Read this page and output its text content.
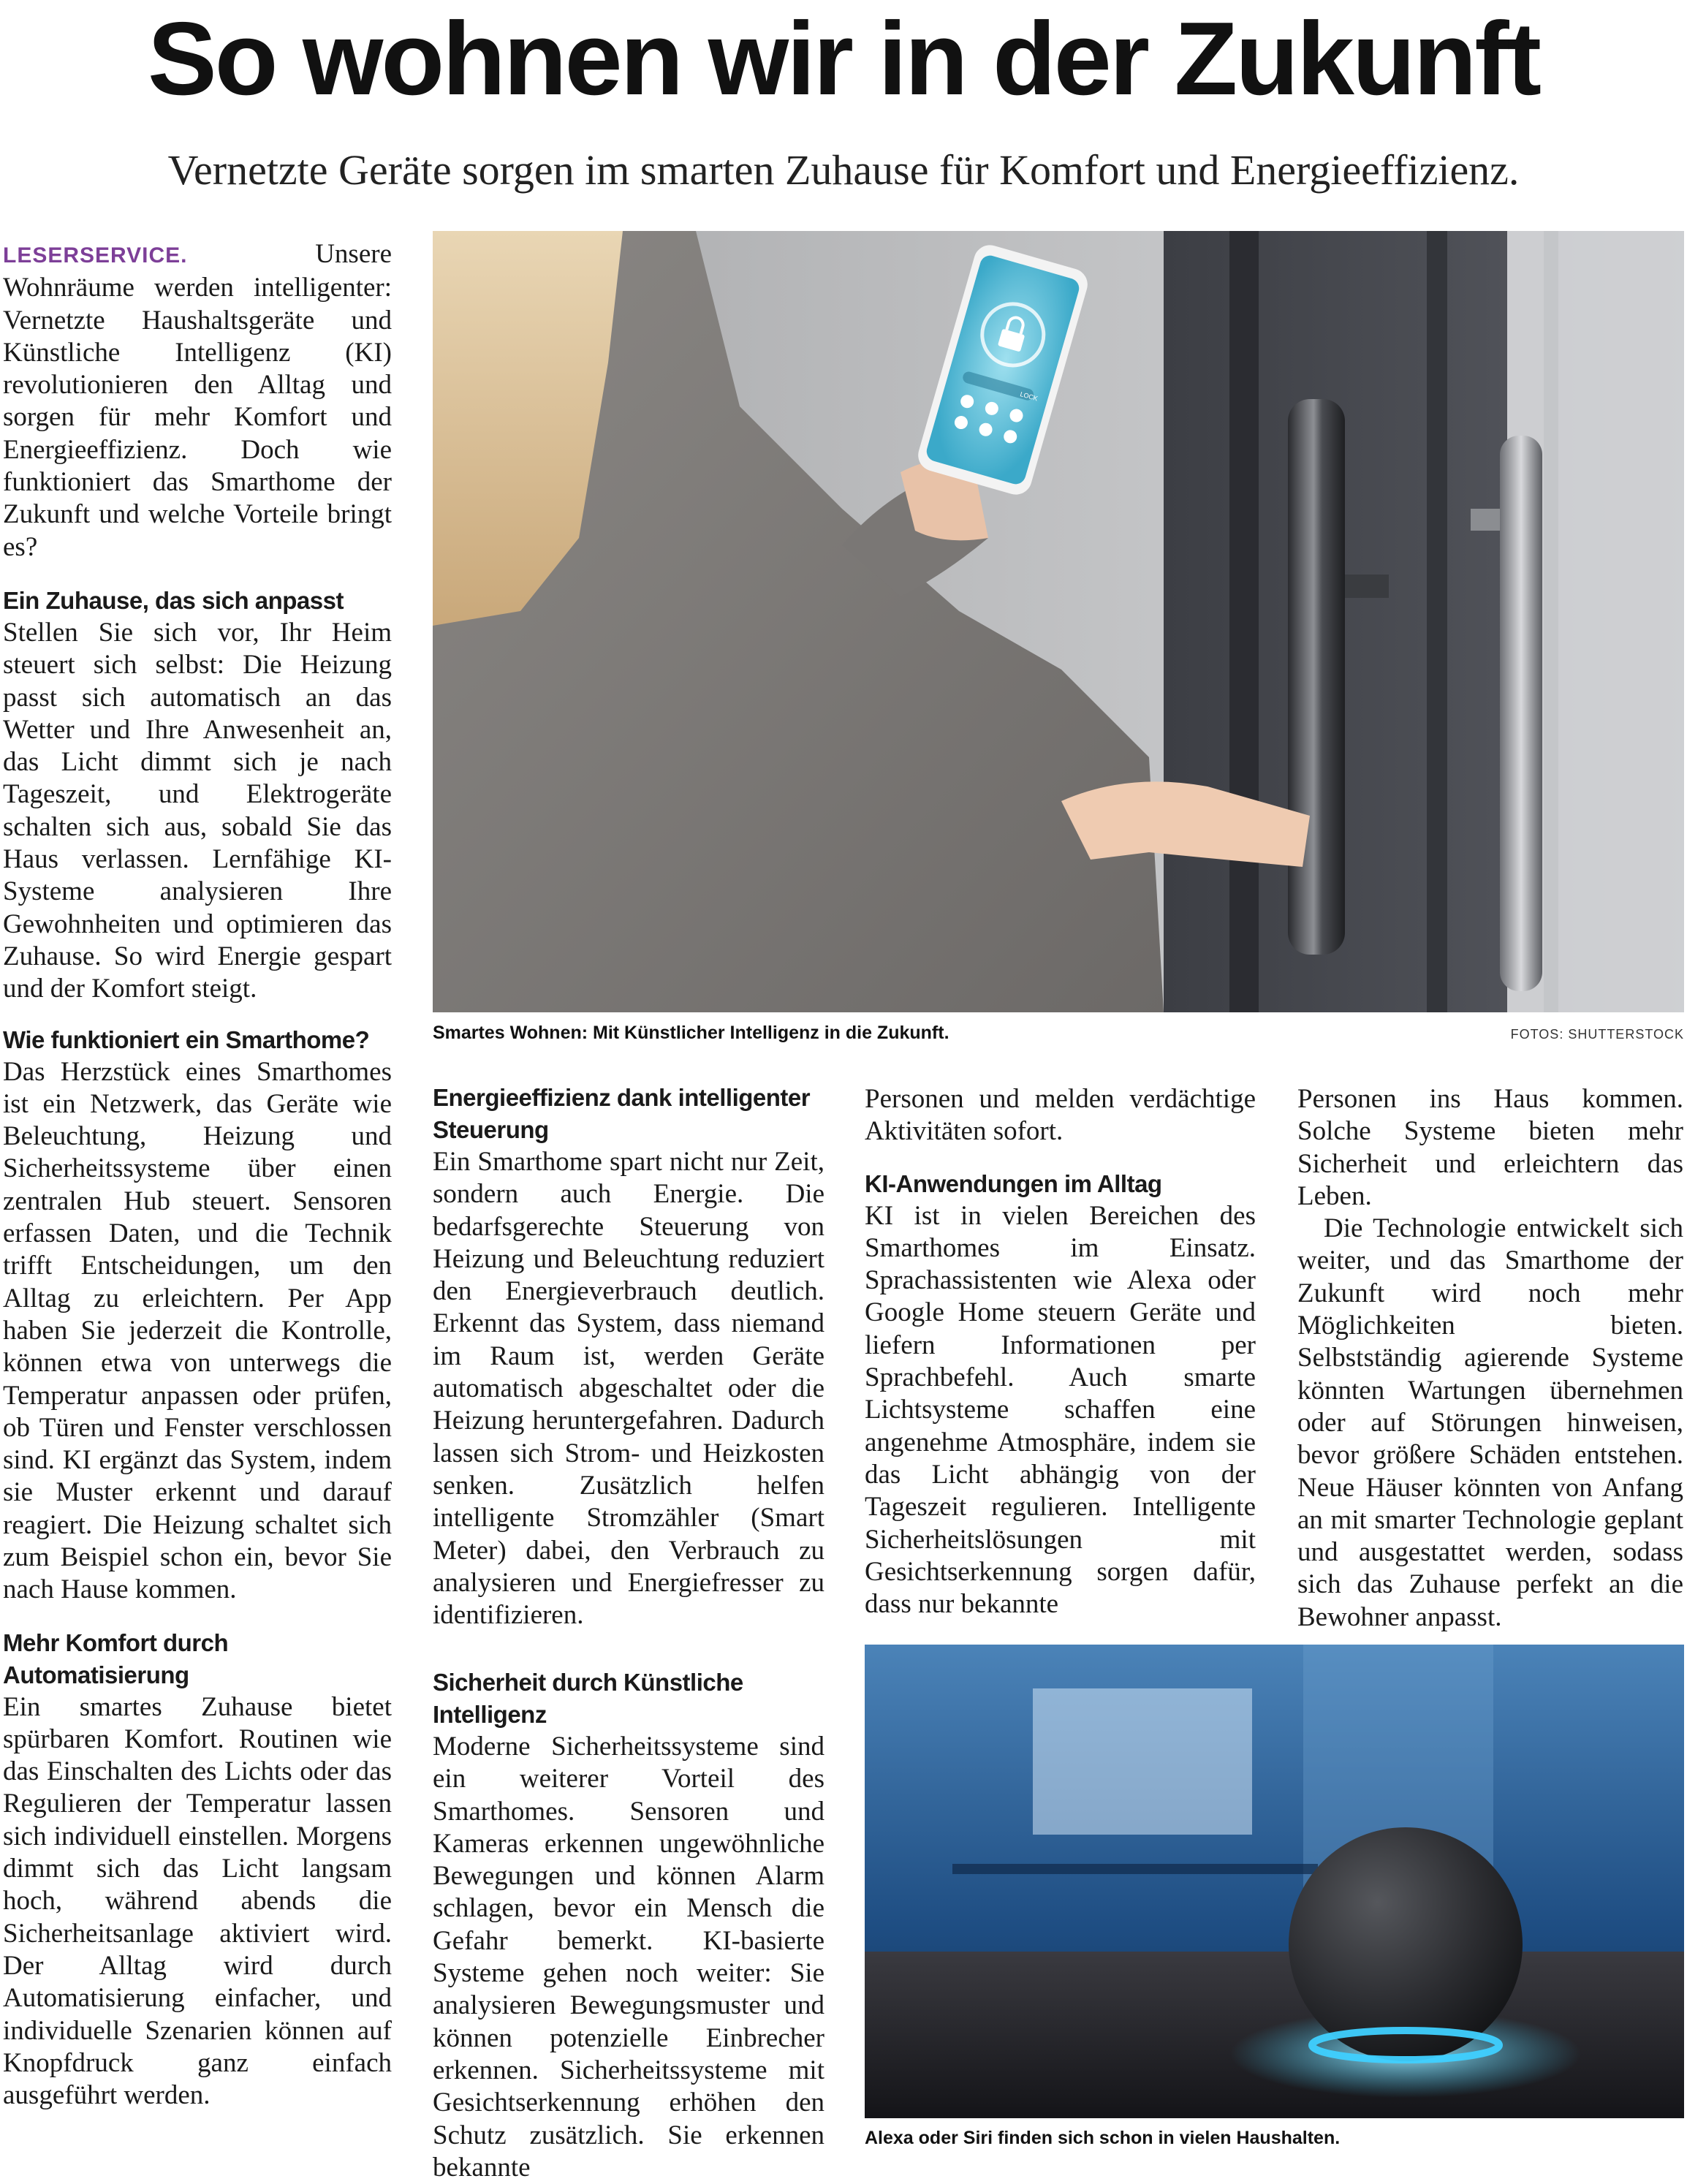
So wohnen wir in der Zukunft
Vernetzte Geräte sorgen im smarten Zuhause für Komfort und Energieeffizienz.

LESERSERVICE.	Unsere Wohnräume werden intelligenter: Vernetzte Haushaltsgeräte und Künstliche Intelligenz (KI) revolutionieren den Alltag und sorgen für mehr Komfort und Energieeffizienz. Doch wie funktioniert das Smarthome der Zukunft und welche Vorteile bringt es?

Ein Zuhause, das sich anpasst

Stellen Sie sich vor, Ihr Heim steuert sich selbst: Die Heizung passt sich automatisch an das Wetter und Ihre Anwesenheit an, das Licht dimmt sich je nach Tageszeit, und Elektrogeräte schalten sich aus, sobald Sie das Haus verlassen. Lernfähige KI-Systeme analysieren Ihre Gewohnheiten und optimieren das Zuhause. So wird Energie gespart und der Komfort steigt.

Wie funktioniert ein Smarthome?

Das Herzstück eines Smarthomes ist ein Netzwerk, das Geräte wie Beleuchtung, Heizung und Sicherheitssysteme über einen zentralen Hub steuert. Sensoren erfassen Daten, und die Technik trifft Entscheidungen, um den Alltag zu erleichtern. Per App haben Sie jederzeit die Kontrolle, können etwa von unterwegs die Temperatur anpassen oder prüfen, ob Türen und Fenster verschlossen sind. KI ergänzt das System, indem sie Muster erkennt und darauf reagiert. Die Heizung schaltet sich zum Beispiel schon ein, bevor Sie nach Hause kommen.

Mehr Komfort durch Automatisierung

Ein smartes Zuhause bietet spürbaren Komfort. Routinen wie das Einschalten des Lichts oder das Regulieren der Temperatur lassen sich individuell einstellen. Morgens dimmt sich das Licht langsam hoch, während abends die Sicherheitsanlage aktiviert wird. Der Alltag wird durch Automatisierung einfacher, und individuelle Szenarien können auf Knopfdruck ganz einfach ausgeführt werden.

LOCK
Smartes Wohnen: Mit Künstlicher Intelligenz in die Zukunft.	FOTOS: SHUTTERSTOCK
Energieeffizienz dank intelligenter Steuerung

Ein Smarthome spart nicht nur Zeit, sondern auch Energie. Die bedarfsgerechte Steuerung von Heizung und Beleuchtung reduziert den Energieverbrauch deutlich. Erkennt das System, dass niemand im Raum ist, werden Geräte automatisch abgeschaltet oder die Heizung heruntergefahren. Dadurch lassen sich Strom- und Heizkosten senken. Zusätzlich helfen intelligente Stromzähler (Smart Meter) dabei, den Verbrauch zu analysieren und Energiefresser zu identifizieren.

Sicherheit durch Künstliche Intelligenz

Moderne Sicherheitssysteme sind ein weiterer Vorteil des Smarthomes. Sensoren und Kameras erkennen ungewöhnliche Bewegungen und können Alarm schlagen, bevor ein Mensch die Gefahr bemerkt. KI-basierte Systeme gehen noch weiter: Sie analysieren Bewegungsmuster und können potenzielle Einbrecher erkennen. Sicherheitssysteme mit Gesichtserkennung erhöhen den Schutz zusätzlich. Sie erkennen bekannte

Personen und melden verdächtige Aktivitäten sofort.

KI-Anwendungen im Alltag

KI ist in vielen Bereichen des Smarthomes im Einsatz. Sprachassistenten wie Alexa oder Google Home steuern Geräte und liefern Informationen per Sprachbefehl. Auch smarte Lichtsysteme schaffen eine angenehme Atmosphäre, indem sie das Licht abhängig von der Tageszeit regulieren. Intelligente Sicherheitslösungen mit Gesichtserkennung sorgen dafür, dass nur bekannte

Personen ins Haus kommen. Solche Systeme bieten mehr Sicherheit und erleichtern das Leben.

Die Technologie entwickelt sich weiter, und das Smarthome der Zukunft wird noch mehr Möglichkeiten bieten. Selbstständig agierende Systeme könnten Wartungen übernehmen oder auf Störungen hinweisen, bevor größere Schäden entstehen. Neue Häuser könnten von Anfang an mit smarter Technologie geplant und ausgestattet werden, sodass sich das Zuhause perfekt an die Bewohner anpasst.

Alexa oder Siri finden sich schon in vielen Haushalten.
